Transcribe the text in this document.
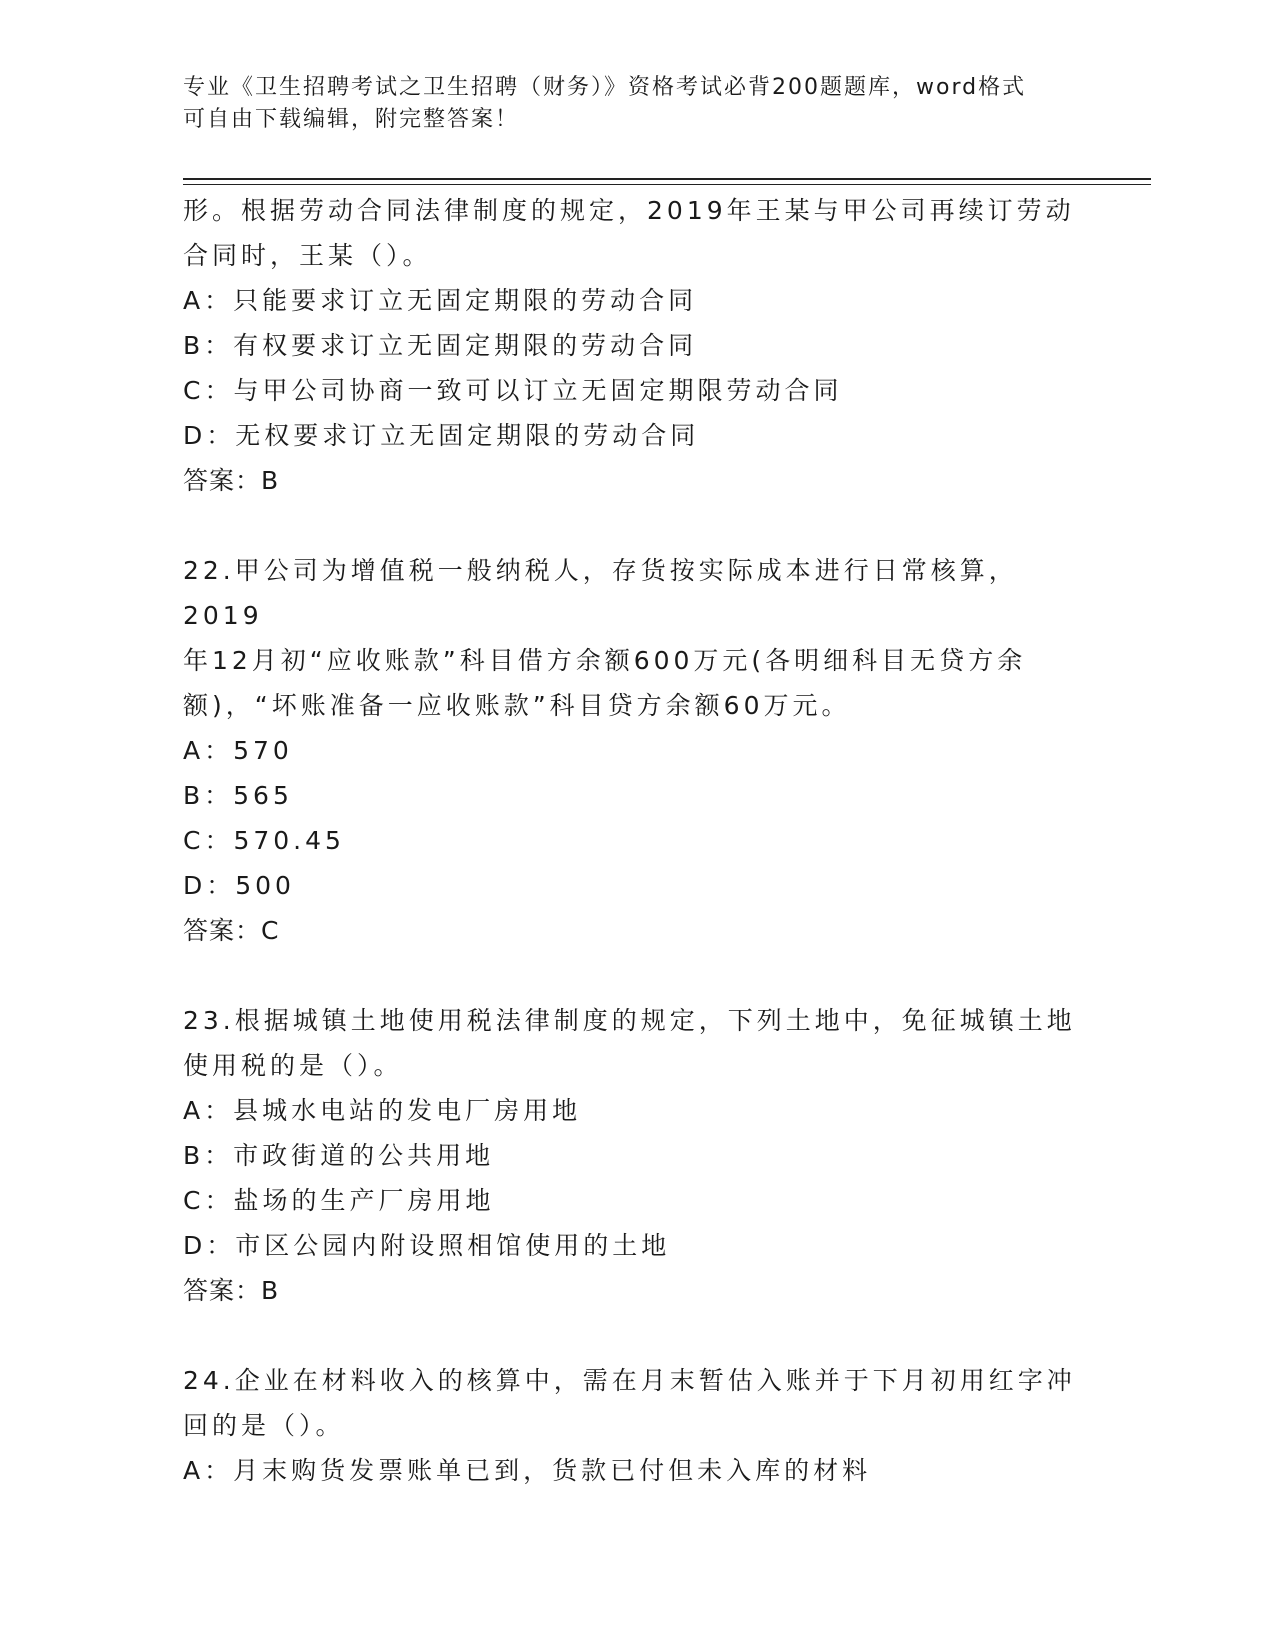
专业《卫生招聘考试之卫生招聘（财务）》资格考试必背200题题库，word格式
可自由下载编辑，附完整答案！

形。根据劳动合同法律制度的规定，2019年王某与甲公司再续订劳动

合同时，王某（）。

A：只能要求订立无固定期限的劳动合同

B：有权要求订立无固定期限的劳动合同

C：与甲公司协商一致可以订立无固定期限劳动合同

D：无权要求订立无固定期限的劳动合同

答案：B

22.甲公司为增值税一般纳税人，存货按实际成本进行日常核算，2019

年12月初“应收账款”科目借方余额600万元(各明细科目无贷方余

额)，“坏账准备一应收账款”科目贷方余额60万元。

A：570

B：565

C：570.45

D：500

答案：C

23.根据城镇土地使用税法律制度的规定，下列土地中，免征城镇土地

使用税的是（）。

A：县城水电站的发电厂房用地

B：市政街道的公共用地

C：盐场的生产厂房用地

D：市区公园内附设照相馆使用的土地

答案：B

24.企业在材料收入的核算中，需在月末暂估入账并于下月初用红字冲

回的是（）。

A：月末购货发票账单已到，货款已付但未入库的材料
